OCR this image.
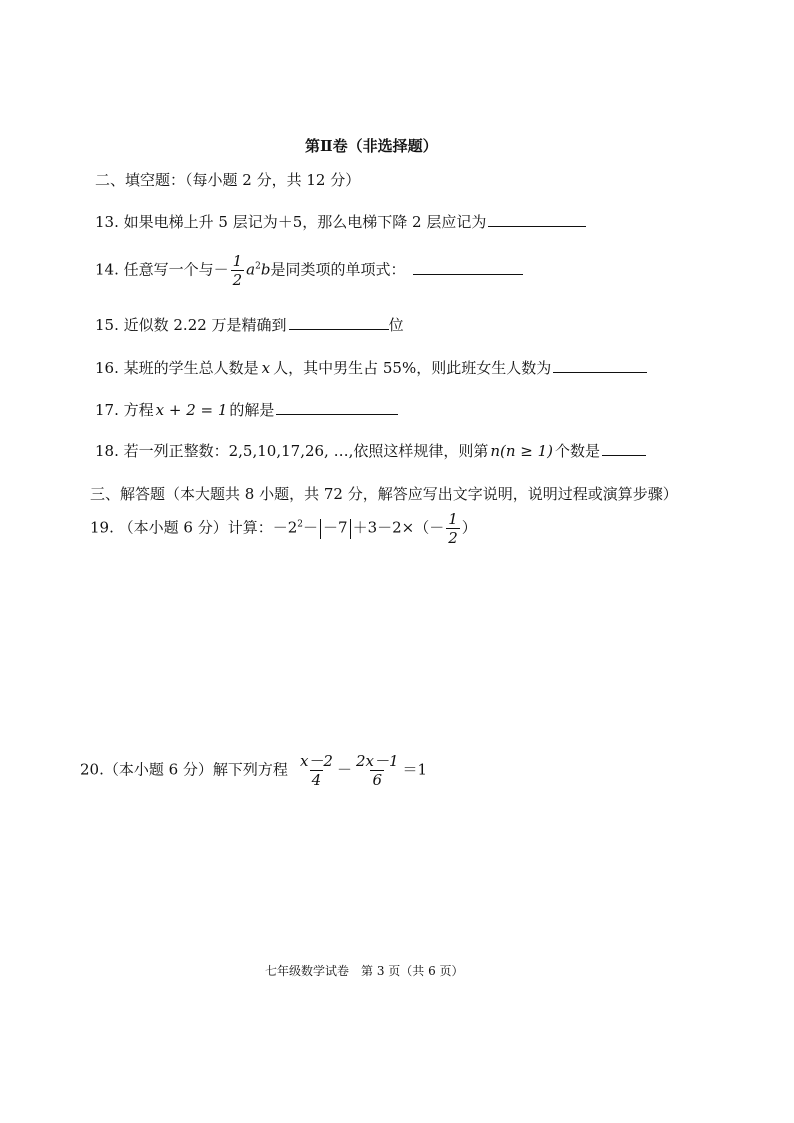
第Ⅱ卷（非选择题）
二、填空题：（每小题 2 分，共 12 分）
13. 如果电梯上升 5 层记为＋5，那么电梯下降 2 层应记为
14. 任意写一个与－ $\frac{1}{2} a^2b$是同类项的单项式：
15. 近似数 2.22 万是精确到	位
16. 某班的学生总人数是 x 人，其中男生占 55%，则此班女生人数为
17. 方程 x + 2 = 1 的解是
18. 若一列正整数：2,5,10,17,26, …,依照这样规律，则第 n(n ≥ 1) 个数是
三、解答题（本大题共 8 小题，共 72 分，解答应写出文字说明，说明过程或演算步骤）
19. （本小题 6 分）计算：$-2^2- -7 +3-2\times(- \frac{1}{2}$ ）
20.（本小题 6 分）解下列方程 $\frac{x-2}{4} - \frac{2x-1}{6} =1$
七年级数学试卷　第 3 页（共 6 页）
